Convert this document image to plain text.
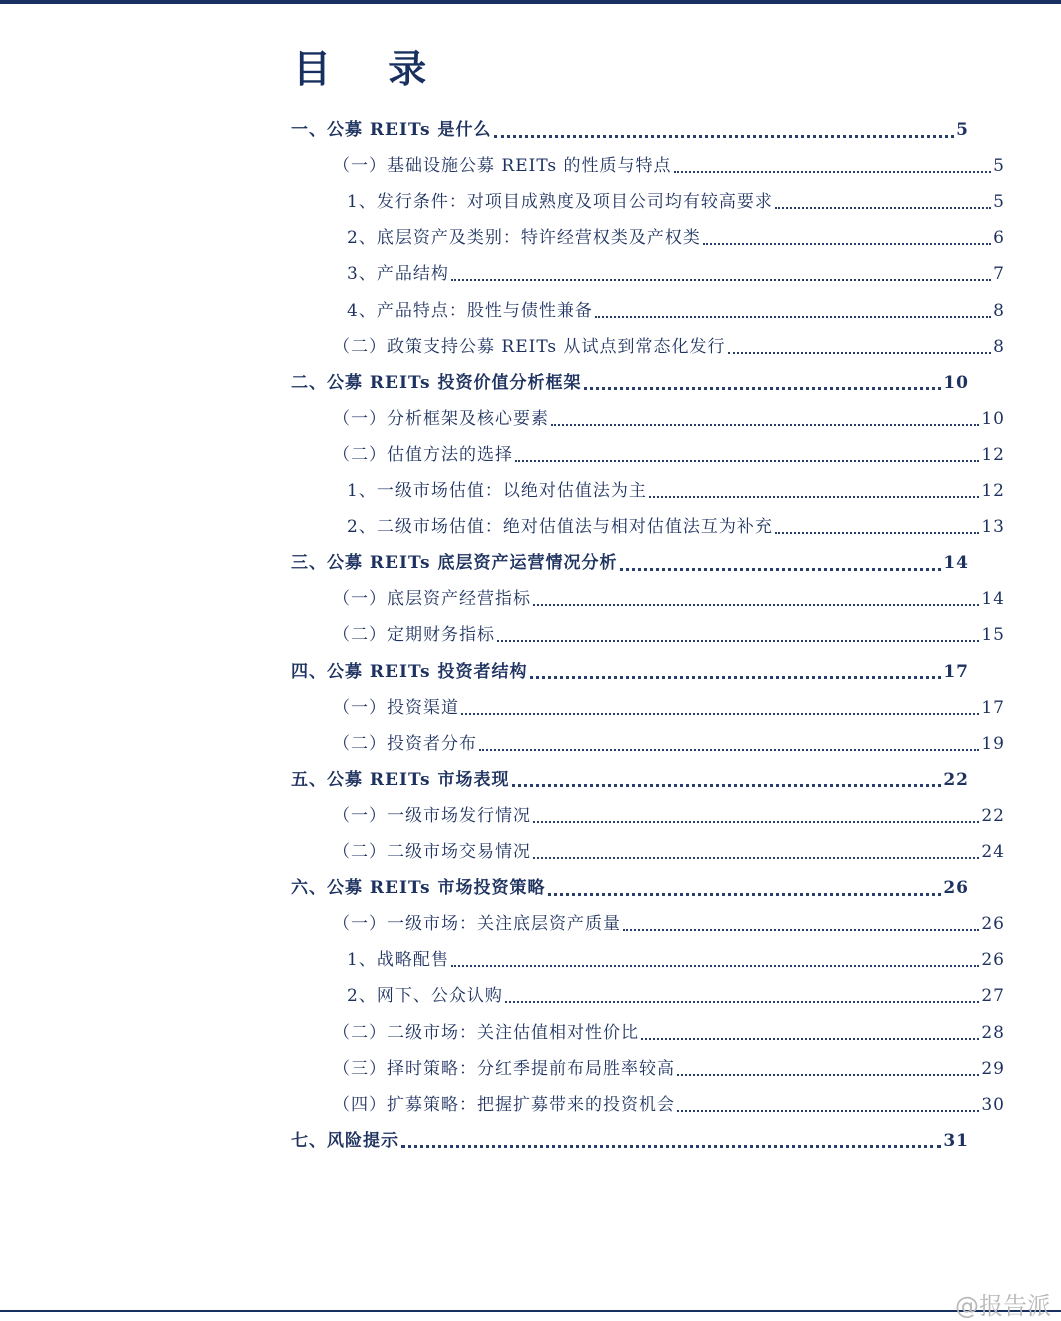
目 录
一、公募 REITs 是什么	5
（一）基础设施公募 REITs 的性质与特点	5
1、发行条件：对项目成熟度及项目公司均有较高要求	5
2、底层资产及类别：特许经营权类及产权类	6
3、产品结构	7
4、产品特点：股性与债性兼备	8
（二）政策支持公募 REITs 从试点到常态化发行	8
二、公募 REITs 投资价值分析框架	10
（一）分析框架及核心要素	10
（二）估值方法的选择	12
1、一级市场估值：以绝对估值法为主	12
2、二级市场估值：绝对估值法与相对估值法互为补充	13
三、公募 REITs 底层资产运营情况分析	14
（一）底层资产经营指标	14
（二）定期财务指标	15
四、公募 REITs 投资者结构	17
（一）投资渠道	17
（二）投资者分布	19
五、公募 REITs 市场表现	22
（一）一级市场发行情况	22
（二）二级市场交易情况	24
六、公募 REITs 市场投资策略	26
（一）一级市场：关注底层资产质量	26
1、战略配售	26
2、网下、公众认购	27
（二）二级市场：关注估值相对性价比	28
（三）择时策略：分红季提前布局胜率较高	29
（四）扩募策略：把握扩募带来的投资机会	30
七、风险提示	31
@报告派
